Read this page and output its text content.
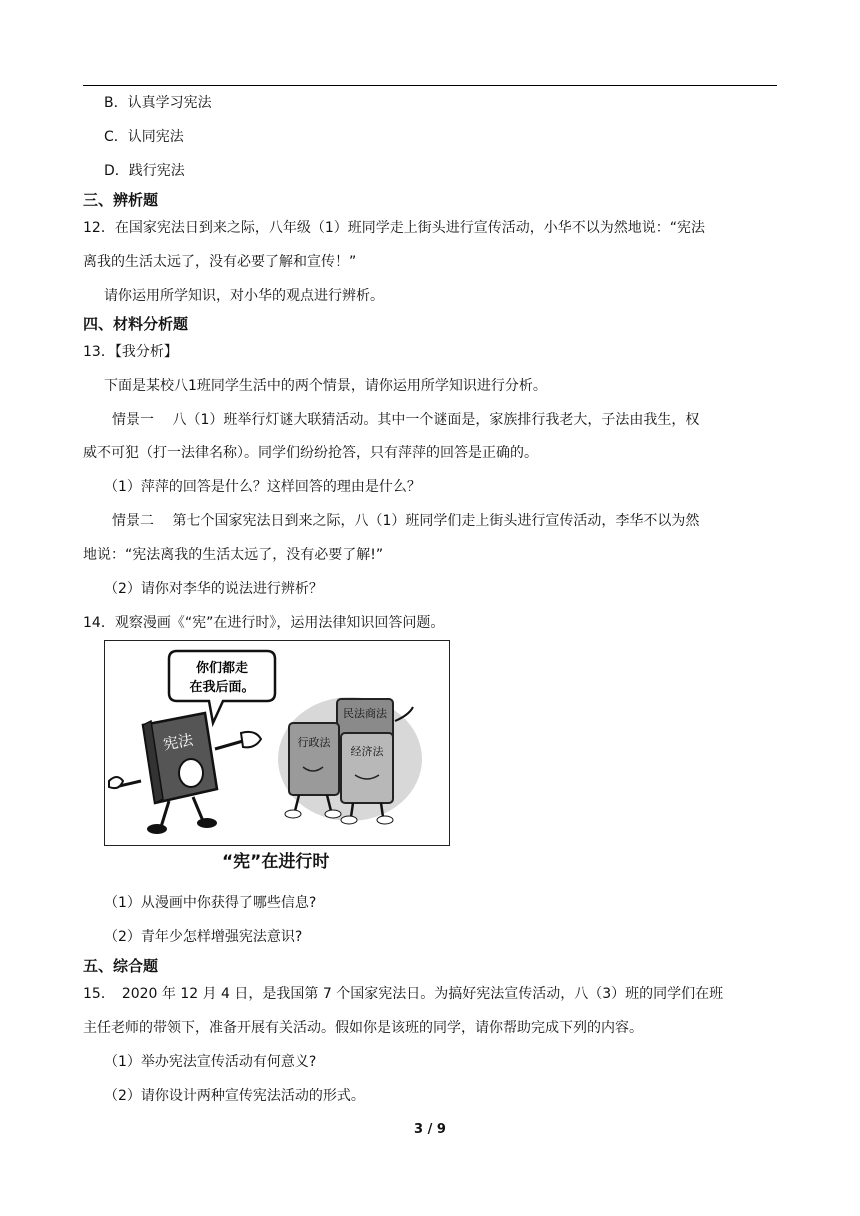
B．认真学习宪法
C．认同宪法
D．践行宪法
三、辨析题
12．在国家宪法日到来之际，八年级（1）班同学走上街头进行宣传活动，小华不以为然地说：“宪法
离我的生活太远了，没有必要了解和宣传！”
请你运用所学知识，对小华的观点进行辨析。
四、材料分析题
13．【我分析】
下面是某校八1班同学生活中的两个情景，请你运用所学知识进行分析。
情景一　 八（1）班举行灯谜大联猜活动。其中一个谜面是，家族排行我老大，子法由我生，权
威不可犯（打一法律名称）。同学们纷纷抢答，只有萍萍的回答是正确的。
（1）萍萍的回答是什么？这样回答的理由是什么？
情景二　 第七个国家宪法日到来之际，八（1）班同学们走上街头进行宣传活动，李华不以为然
地说：“宪法离我的生活太远了，没有必要了解!”
（2）请你对李华的说法进行辨析？
14．观察漫画《“宪”在进行时》，运用法律知识回答问题。
你们都走
在我后面。
宪法
民法商法
行政法
经济法
“宪”在进行时
（1）从漫画中你获得了哪些信息?
（2）青年少怎样增强宪法意识?
五、综合题
15．　2020 年 12 月 4 日，是我国第 7 个国家宪法日。为搞好宪法宣传活动，八（3）班的同学们在班
主任老师的带领下，准备开展有关活动。假如你是该班的同学，请你帮助完成下列的内容。
（1）举办宪法宣传活动有何意义?
（2）请你设计两种宣传宪法活动的形式。
3 / 9
